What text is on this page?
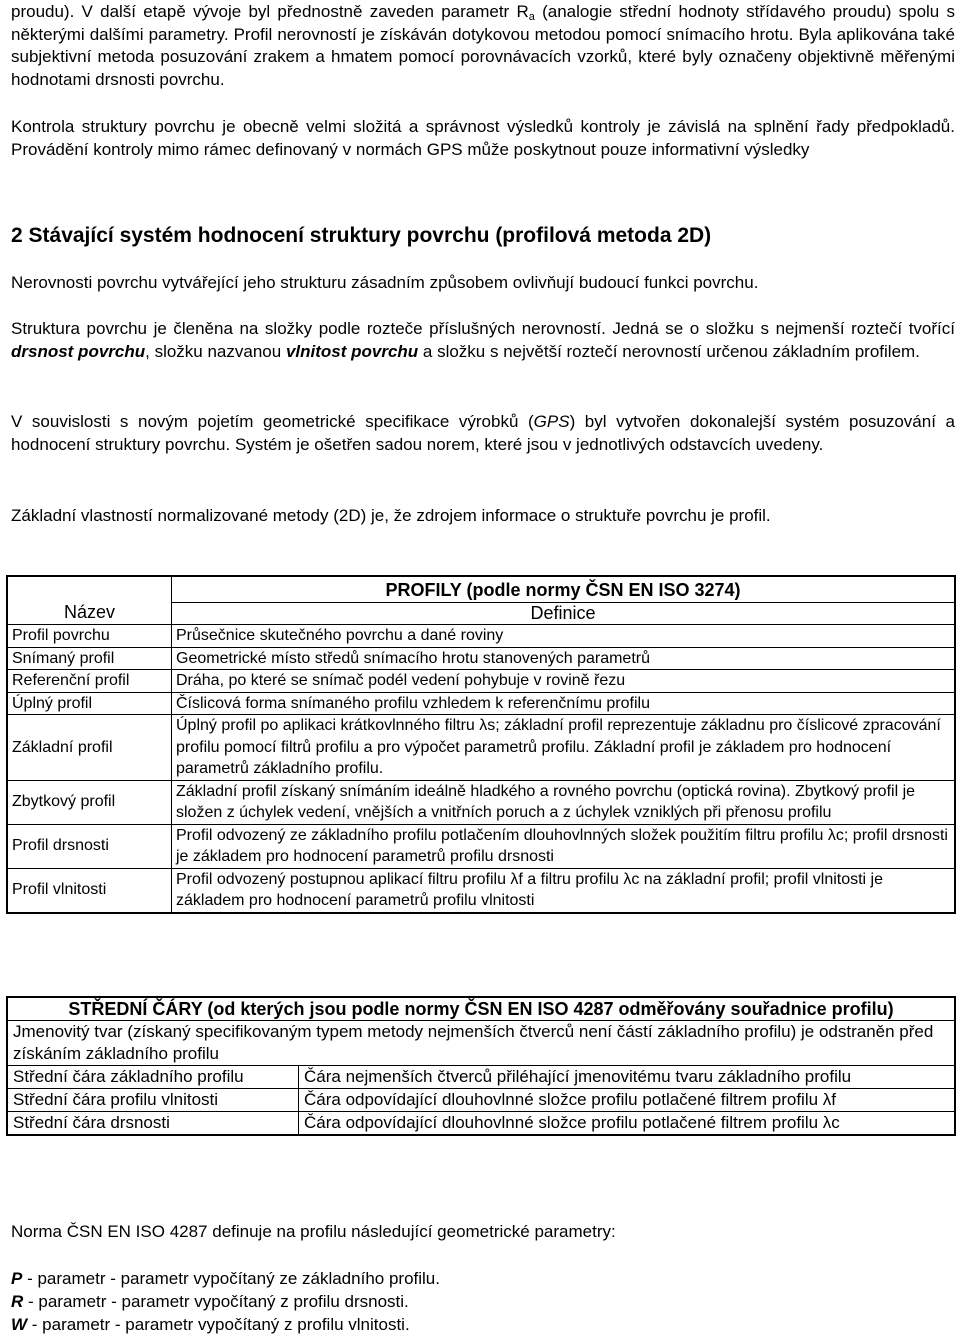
proudu). V další etapě vývoje byl přednostně zaveden parametr $R_a$ (analogie střední hodnoty střídavého proudu) spolu s některými dalšími parametry. Profil nerovností je získáván dotykovou metodou pomocí snímacího hrotu. Byla aplikována také subjektivní metoda posuzování zrakem a hmatem pomocí porovnávacích vzorků, které byly označeny objektivně měřenými hodnotami drsnosti povrchu.

Kontrola struktury povrchu je obecně velmi složitá a správnost výsledků kontroly je závislá na splnění řady předpokladů. Provádění kontroly mimo rámec definovaný v normách GPS může poskytnout pouze informativní výsledky

2 Stávající systém hodnocení struktury povrchu (profilová metoda 2D)

Nerovnosti povrchu vytvářející jeho strukturu zásadním způsobem ovlivňují budoucí funkci povrchu.

Struktura povrchu je členěna na složky podle rozteče příslušných nerovností. Jedná se o složku s nejmenší roztečí tvořící drsnost povrchu, složku nazvanou vlnitost povrchu a složku s největší roztečí nerovností určenou základním profilem.

V souvislosti s novým pojetím geometrické specifikace výrobků (GPS) byl vytvořen dokonalejší systém posuzování a hodnocení struktury povrchu. Systém je ošetřen sadou norem, které jsou v jednotlivých odstavcích uvedeny.

Základní vlastností normalizované metody (2D) je, že zdrojem informace o struktuře povrchu je profil.

	PROFILY (podle normy ČSN EN ISO 3274)
Název	Definice
Profil povrchu	Průsečnice skutečného povrchu a dané roviny
Snímaný profil	Geometrické místo středů snímacího hrotu stanovených parametrů
Referenční profil	Dráha, po které se snímač podél vedení pohybuje v rovině řezu
Úplný profil	Číslicová forma snímaného profilu vzhledem k referenčnímu profilu
Základní profil	Úplný profil po aplikaci krátkovlnného filtru λs; základní profil reprezentuje základnu pro číslicové zpracování profilu pomocí filtrů profilu a pro výpočet parametrů profilu. Základní profil je základem pro hodnocení parametrů základního profilu.
Zbytkový profil	Základní profil získaný snímáním ideálně hladkého a rovného povrchu (optická rovina). Zbytkový profil je složen z úchylek vedení, vnějších a vnitřních poruch a z úchylek vzniklých při přenosu profilu
Profil drsnosti	Profil odvozený ze základního profilu potlačením dlouhovlnných složek použitím filtru profilu λc; profil drsnosti je základem pro hodnocení parametrů profilu drsnosti
Profil vlnitosti	Profil odvozený postupnou aplikací filtru profilu λf a filtru profilu λc na základní profil; profil vlnitosti je základem pro hodnocení parametrů profilu vlnitosti
STŘEDNÍ ČÁRY (od kterých jsou podle normy ČSN EN ISO 4287 odměřovány souřadnice profilu)	
Jmenovitý tvar (získaný specifikovaným typem metody nejmenších čtverců není částí základního profilu) je odstraněn před získáním základního profilu	
Střední čára základního profilu	Čára nejmenších čtverců přiléhající jmenovitému tvaru základního profilu
Střední čára profilu vlnitosti	Čára odpovídající dlouhovlnné složce profilu potlačené filtrem profilu λf
Střední čára drsnosti	Čára odpovídající dlouhovlnné složce profilu potlačené filtrem profilu λc

Norma ČSN EN ISO 4287 definuje na profilu následující geometrické parametry:

P - parametr - parametr vypočítaný ze základního profilu.
R - parametr - parametr vypočítaný z profilu drsnosti.
W - parametr - parametr vypočítaný z profilu vlnitosti.
